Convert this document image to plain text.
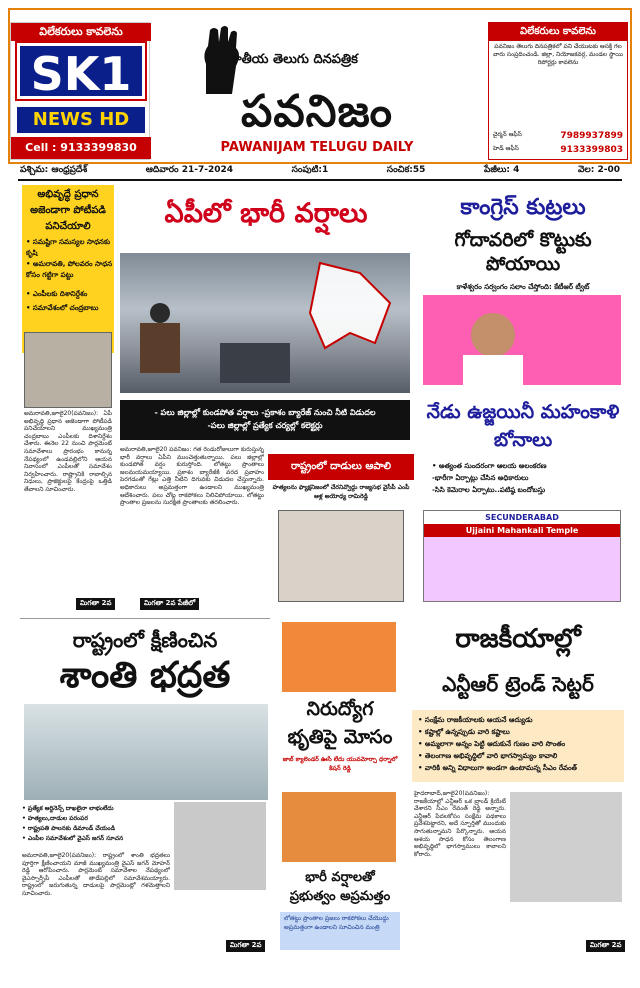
విలేకరులు కావలెను
SK1
NEWS HD
Cell : 9133399830
జాతీయ తెలుగు దినపత్రిక
పవనిజం
PAWANIJAM TELUGU DAILY
విలేకరులు కావలెను
పవనిజం తెలుగు దినపత్రికలో పని చేయుటకు ఆసక్తి గల వారు సంప్రదించండి. జిల్లా, నియోజకవర్గ, మండల స్థాయి రిపోర్టర్లు కావలెను
చైర్మన్ ఆఫీస్	7989937899
హెడ్ ఆఫీస్	9133399803
పశ్చిమ: ఆంధ్రప్రదేశ్	ఆదివారం 21-7-2024	సంపుటి:1	సంచిక:55	పేజీలు: 4	వెల: 2-00
అభివృద్ధే ప్రధాన అజెండాగా పోటీపడి పనిచేయాలి
• సమష్టిగా సమస్యల సాధనకు కృషి
• అమరావతి, పోలవరం సాధన కోసం గట్టిగా పట్టు
• ఎంపీలకు దిశానిర్దేశం
• సమావేశంలో చంద్రబాబు
అమరావతి,జూలై20(పవనిజం): ఏపీ అభివృద్ధి ప్రధాన అజెండాగా పోటీపడి పనిచేయాలని ముఖ్యమంత్రి చంద్రబాబు ఎంపీలకు దిశానిర్దేశం చేశారు. ఈనెల 22 నుంచి పార్లమెంట్ సమావేశాలు ప్రారంభం కానున్న నేపథ్యంలో ఉండవల్లిలోని ఆయన నివాసంలో ఎంపీలతో సమావేశం నిర్వహించారు. రాష్ట్రానికి రావాల్సిన నిధులు, ప్రాజెక్టులపై కేంద్రంపై ఒత్తిడి తేవాలని సూచించారు.
మిగతా 2వ
ఏపీలో భారీ వర్షాలు
- పలు జిల్లాల్లో కుండపోత వర్షాలు -ప్రకాశం బ్యారేజ్ నుంచి నీటి విడుదల
-పలు జిల్లాల్లో ప్రత్యేక చర్యల్లో కలెక్టర్లు
అమరావతి,జూలై20 పవనిజం: గత రెండురోజులుగా కురుస్తున్న భారీ వర్షాలు ఏపీని ముంచెత్తుతున్నాయి. పలు జిల్లాల్లో కుండపోత వర్షం కురుస్తోంది. లోతట్టు ప్రాంతాలు జలమయమయ్యాయి. ప్రకాశం బ్యారేజీకి వరద ప్రవాహం పెరగడంతో గేట్లు ఎత్తి నీటిని దిగువకు విడుదల చేస్తున్నారు. అధికారులు అప్రమత్తంగా ఉండాలని ముఖ్యమంత్రి ఆదేశించారు. పలు చోట్ల రాకపోకలు నిలిచిపోయాయి. లోతట్టు ప్రాంతాల ప్రజలను సురక్షిత ప్రాంతాలకు తరలించారు.
మిగతా 2వ పేజీలో
రాష్ట్రంలో దాడులు ఆపాలి
హత్యలను ఫ్యాక్షనిజంలో చేరనివ్వొద్దు రాజ్యసభ వైసీపీ ఎంపీ ఆళ్ల అయోధ్య రామిరెడ్డి
కాంగ్రెస్ కుట్రలు
గోదావరిలో కొట్టుకు పోయాయి
కాళేశ్వరం సర్వంగం సలాం చేస్తోంది: కేటీఆర్ ట్వీట్
నేడు ఉజ్జయినీ మహంకాళి బోనాలు
• అత్యంత సుందరంగా ఆలయ అలంకరణ
-భారీగా ఏర్పాట్లు చేసిన అధికారులు
-సిసి కెమెరాల ఏర్పాటు..పటిష్ఠ బందోబస్తు
SECUNDERABAD
Ujjaini Mahankali Temple
రాష్ట్రంలో క్షీణించిన
శాంతి భద్రత
• ప్రత్యేక ఆర్డినెన్స్ దాఖలైనా లాభంలేదు
• హత్యలు,దాడుల పరంపర
• రాష్ట్రపతి పాలనకు డిమాండ్ చేయండి
• ఎంపీల సమావేశంలో వైఎస్ జగన్ సూచన
అమరావతి,జూలై20(పవనిజం): రాష్ట్రంలో శాంతి భద్రతలు పూర్తిగా క్షీణించాయని మాజీ ముఖ్యమంత్రి వైఎస్ జగన్ మోహన్ రెడ్డి ఆరోపించారు. పార్లమెంట్ సమావేశాల నేపథ్యంలో వైఎస్సార్సీపీ ఎంపీలతో తాడేపల్లిలో సమావేశమయ్యారు. రాష్ట్రంలో జరుగుతున్న దాడులపై పార్లమెంట్లో గళమెత్తాలని సూచించారు.
మిగతా 2వ
నిరుద్యోగ
భృతిపై మోసం
జాబ్ క్యాలెండర్ ఊసే లేదు యువమోర్చా ధర్నాలో కిషన్ రెడ్డి
భారీ వర్షాలతో
ప్రభుత్వం అప్రమత్తం
లోతట్టు ప్రాంతాల ప్రజలు రాకపోకలు చేయొద్దు అప్రమత్తంగా ఉండాలని సూచించిన మంత్రి
రాజకీయాల్లో
ఎన్టీఆర్ ట్రెండ్ సెట్టర్
• సంక్షేమ రాజకీయాలకు ఆయనే ఆద్యుడు
• కష్టాల్లో ఉన్నప్పుడు వారి కష్టాలు
• అమ్మలాగా అన్నం పెట్టి ఆదుకునే గుణం వారి సొంతం
• తెలంగాణ అభివృద్ధిలో వారి భాగస్వామ్యం కావాలి
• వారికి అన్ని విధాలుగా అండగా ఉంటామన్న సీఎం రేవంత్
హైదరాబాద్,జూలై20(పవనిజం): రాజకీయాల్లో ఎన్టీఆర్ ఒక బ్రాండ్ క్రియేట్ చేశారని సీఎం రేవంత్ రెడ్డి అన్నారు. ఎన్టీఆర్ పేదలకోసం సంక్షేమ పథకాలు ప్రవేశపెట్టారని, అదే స్ఫూర్తితో ముందుకు సాగుతున్నామని పేర్కొన్నారు. ఆయన ఆశయ సాధన కోసం తెలంగాణ అభివృద్ధిలో భాగస్వాములు కావాలని కోరారు.
మిగతా 2వ
